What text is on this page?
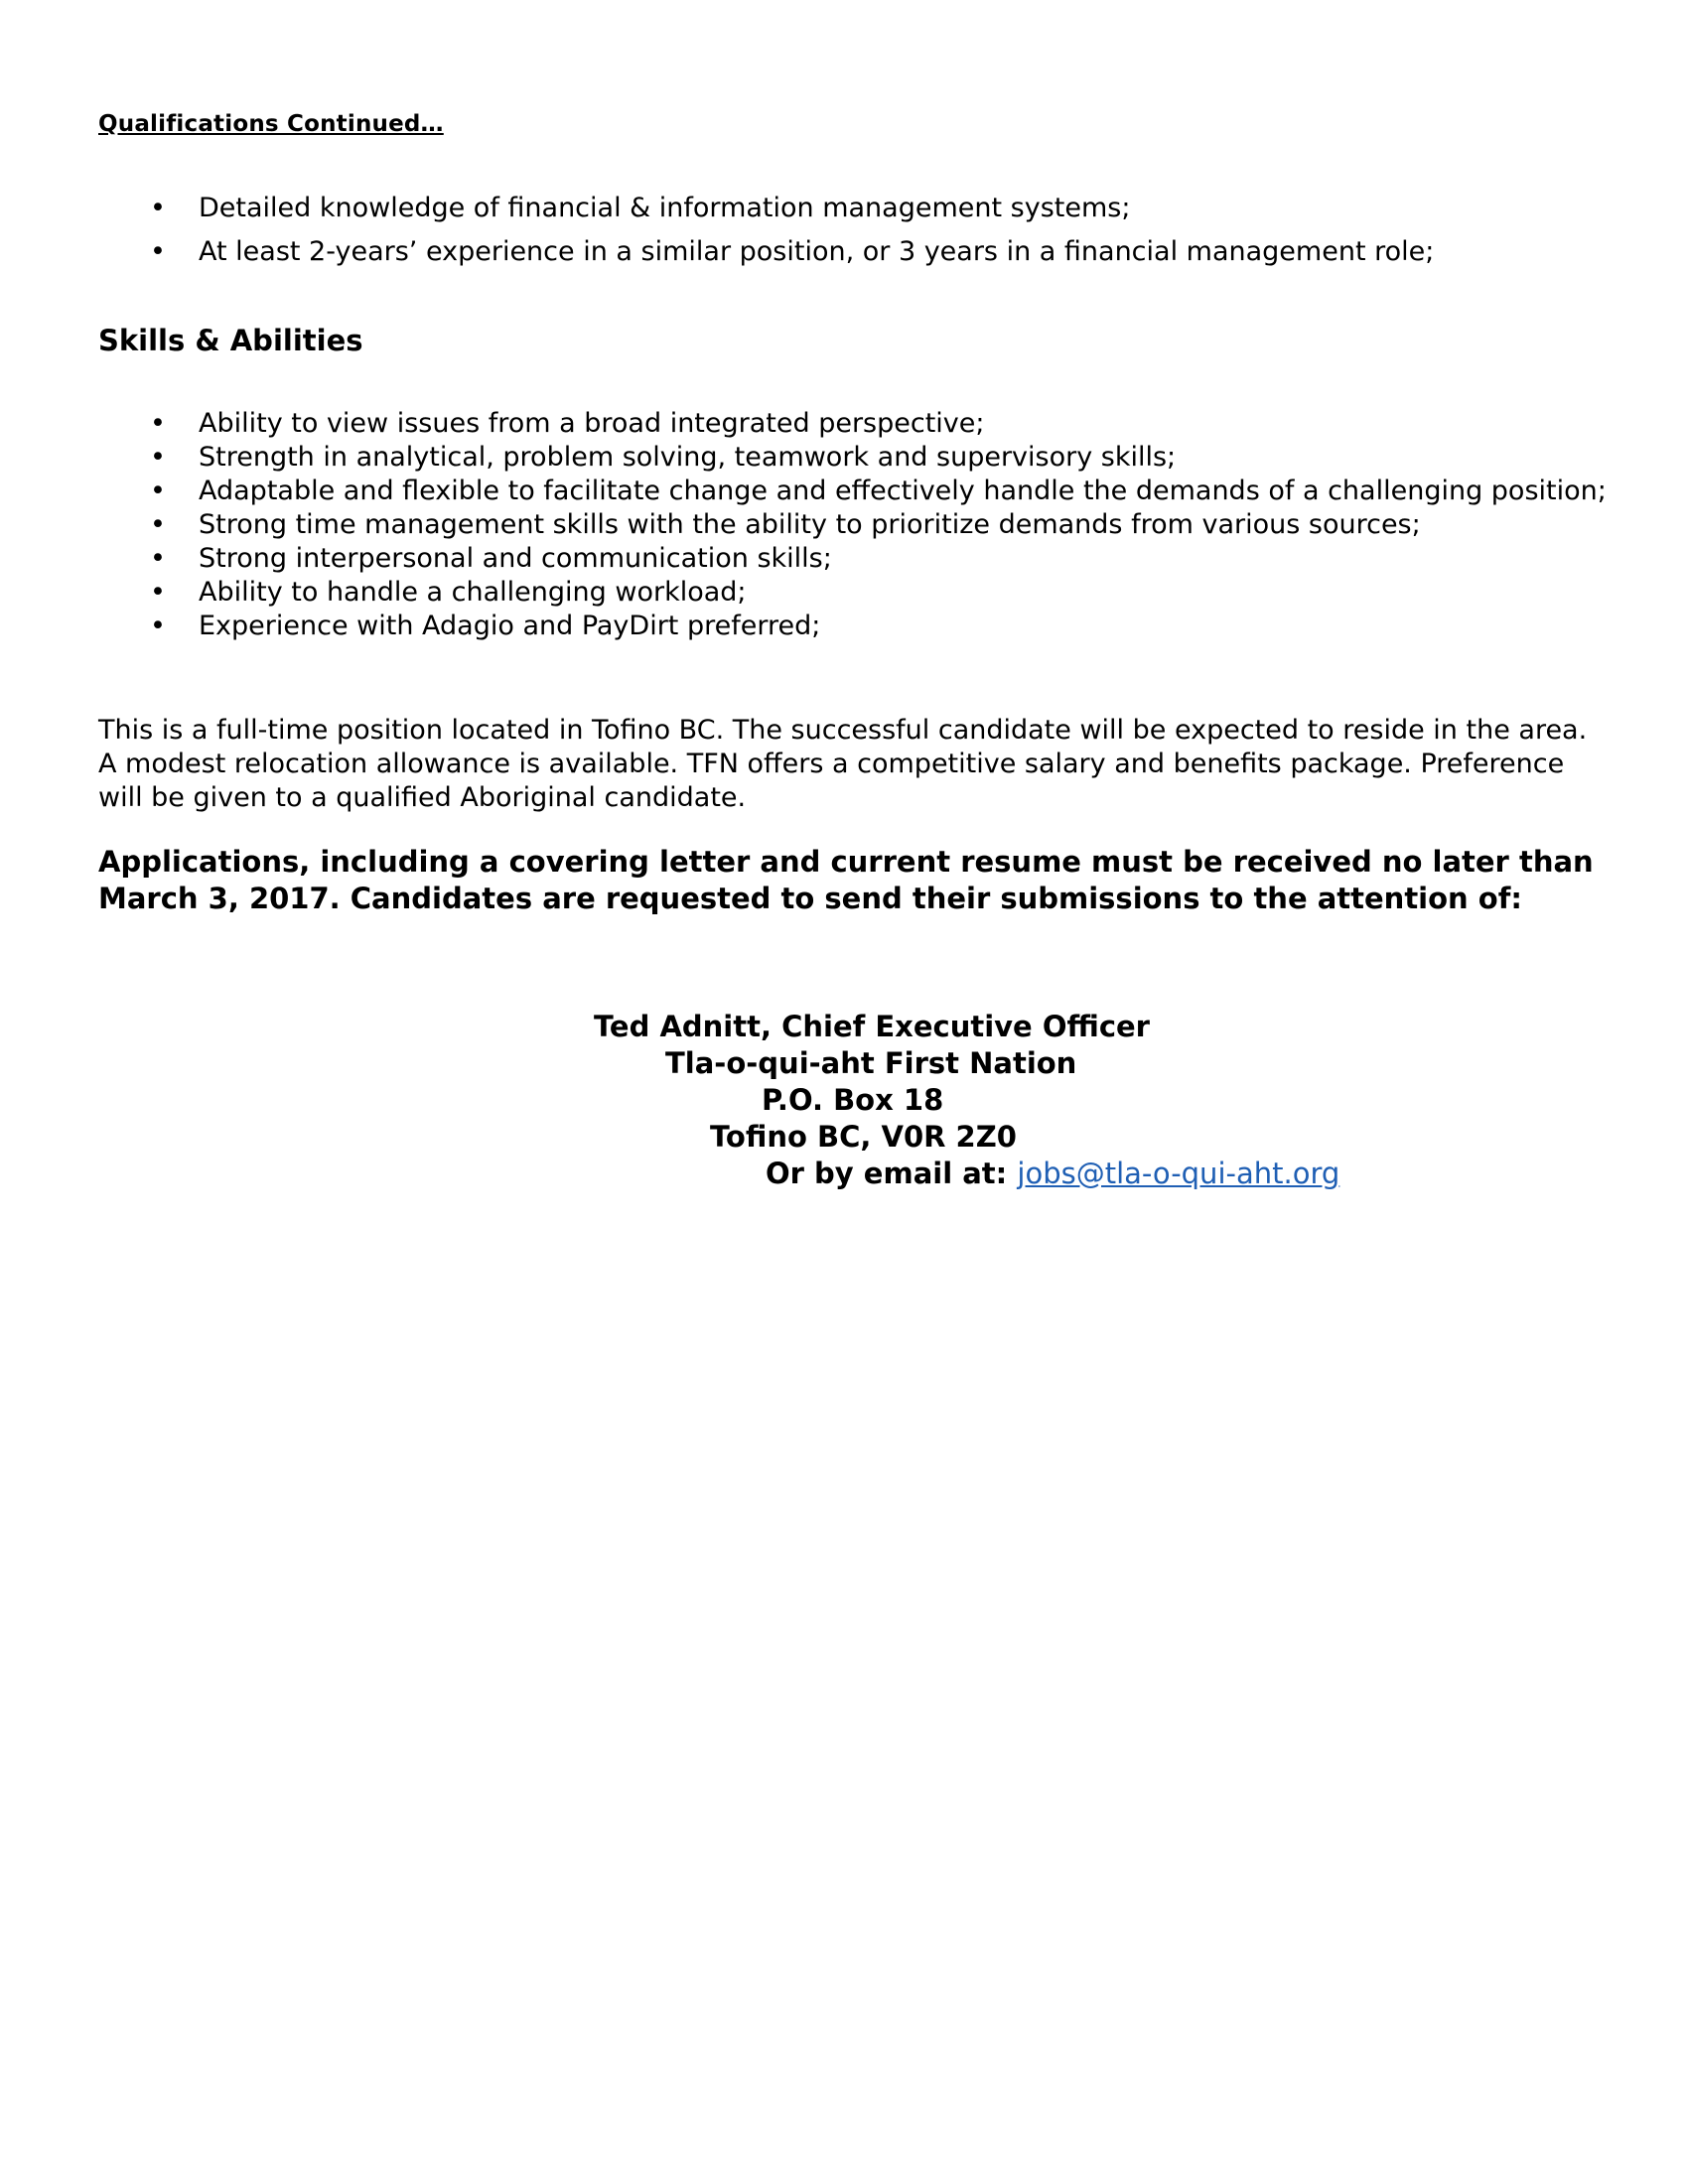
Qualifications Continued…
• Detailed knowledge of financial & information management systems;
• At least 2-years’ experience in a similar position, or 3 years in a financial management role;
Skills & Abilities
• Ability to view issues from a broad integrated perspective;
• Strength in analytical, problem solving, teamwork and supervisory skills;
• Adaptable and flexible to facilitate change and effectively handle the demands of a challenging position;
• Strong time management skills with the ability to prioritize demands from various sources;
• Strong interpersonal and communication skills;
• Ability to handle a challenging workload;
• Experience with Adagio and PayDirt preferred;

This is a full-time position located in Tofino BC. The successful candidate will be expected to reside in the area. A modest relocation allowance is available. TFN offers a competitive salary and benefits package. Preference will be given to a qualified Aboriginal candidate.

Applications, including a covering letter and current resume must be received no later than March 3, 2017. Candidates are requested to send their submissions to the attention of:

Ted Adnitt, Chief Executive Officer
Tla-o-qui-aht First Nation
P.O. Box 18
Tofino BC, V0R 2Z0
Or by email at: jobs@tla-o-qui-aht.org
